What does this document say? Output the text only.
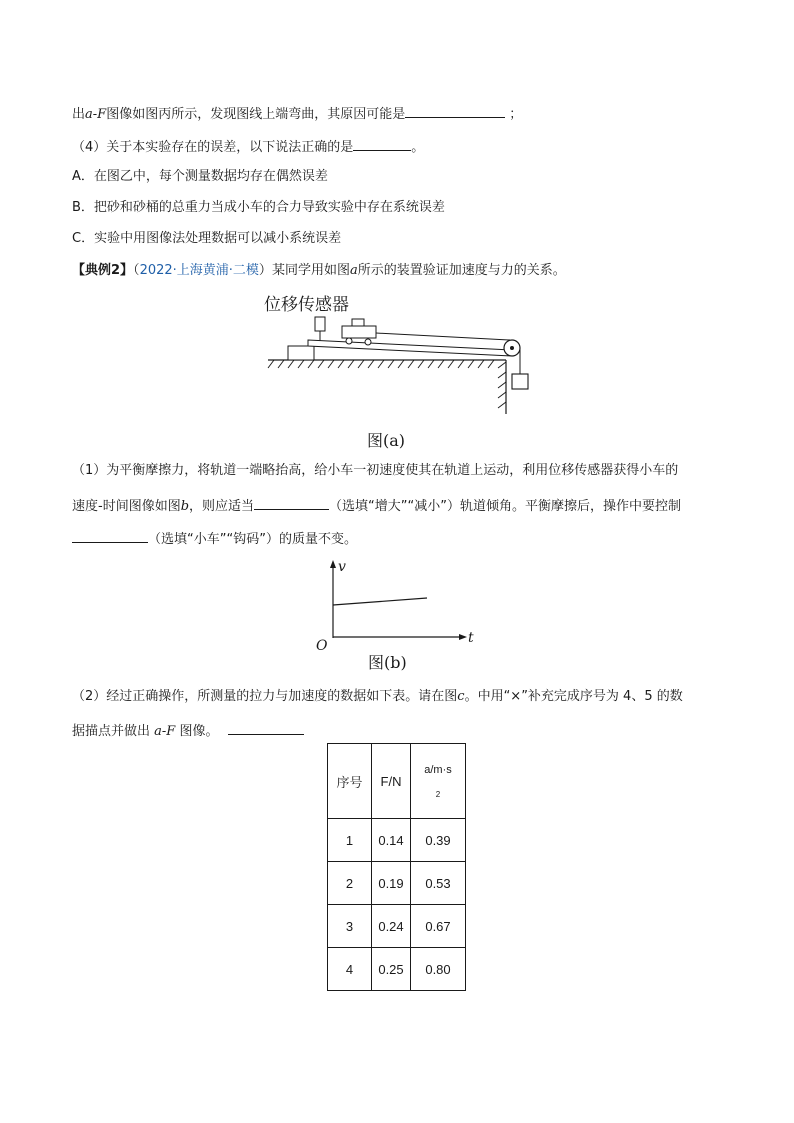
出a-F图像如图丙所示，发现图线上端弯曲，其原因可能是	；
（4）关于本实验存在的误差，以下说法正确的是	。
A．在图乙中，每个测量数据均存在偶然误差
B．把砂和砂桶的总重力当成小车的合力导致实验中存在系统误差
C．实验中用图像法处理数据可以减小系统误差
【典例2】（2022·上海黄浦·二模）某同学用如图a所示的装置验证加速度与力的关系。
位移传感器
图(a)
（1）为平衡摩擦力，将轨道一端略抬高，给小车一初速度使其在轨道上运动，利用位移传感器获得小车的
速度-时间图像如图b，则应适当	（选填“增大”“减小”）轨道倾角。平衡摩擦后，操作中要控制
（选填“小车”“钩码”）的质量不变。
v
t
O
图(b)
（2）经过正确操作，所测量的拉力与加速度的数据如下表。请在图c。中用“×”补充完成序号为 4、5 的数
据描点并做出 a-F 图像。
序号	F/N	a/m·s
2

1	0.14	0.39
2	0.19	0.53
3	0.24	0.67
4	0.25	0.80
